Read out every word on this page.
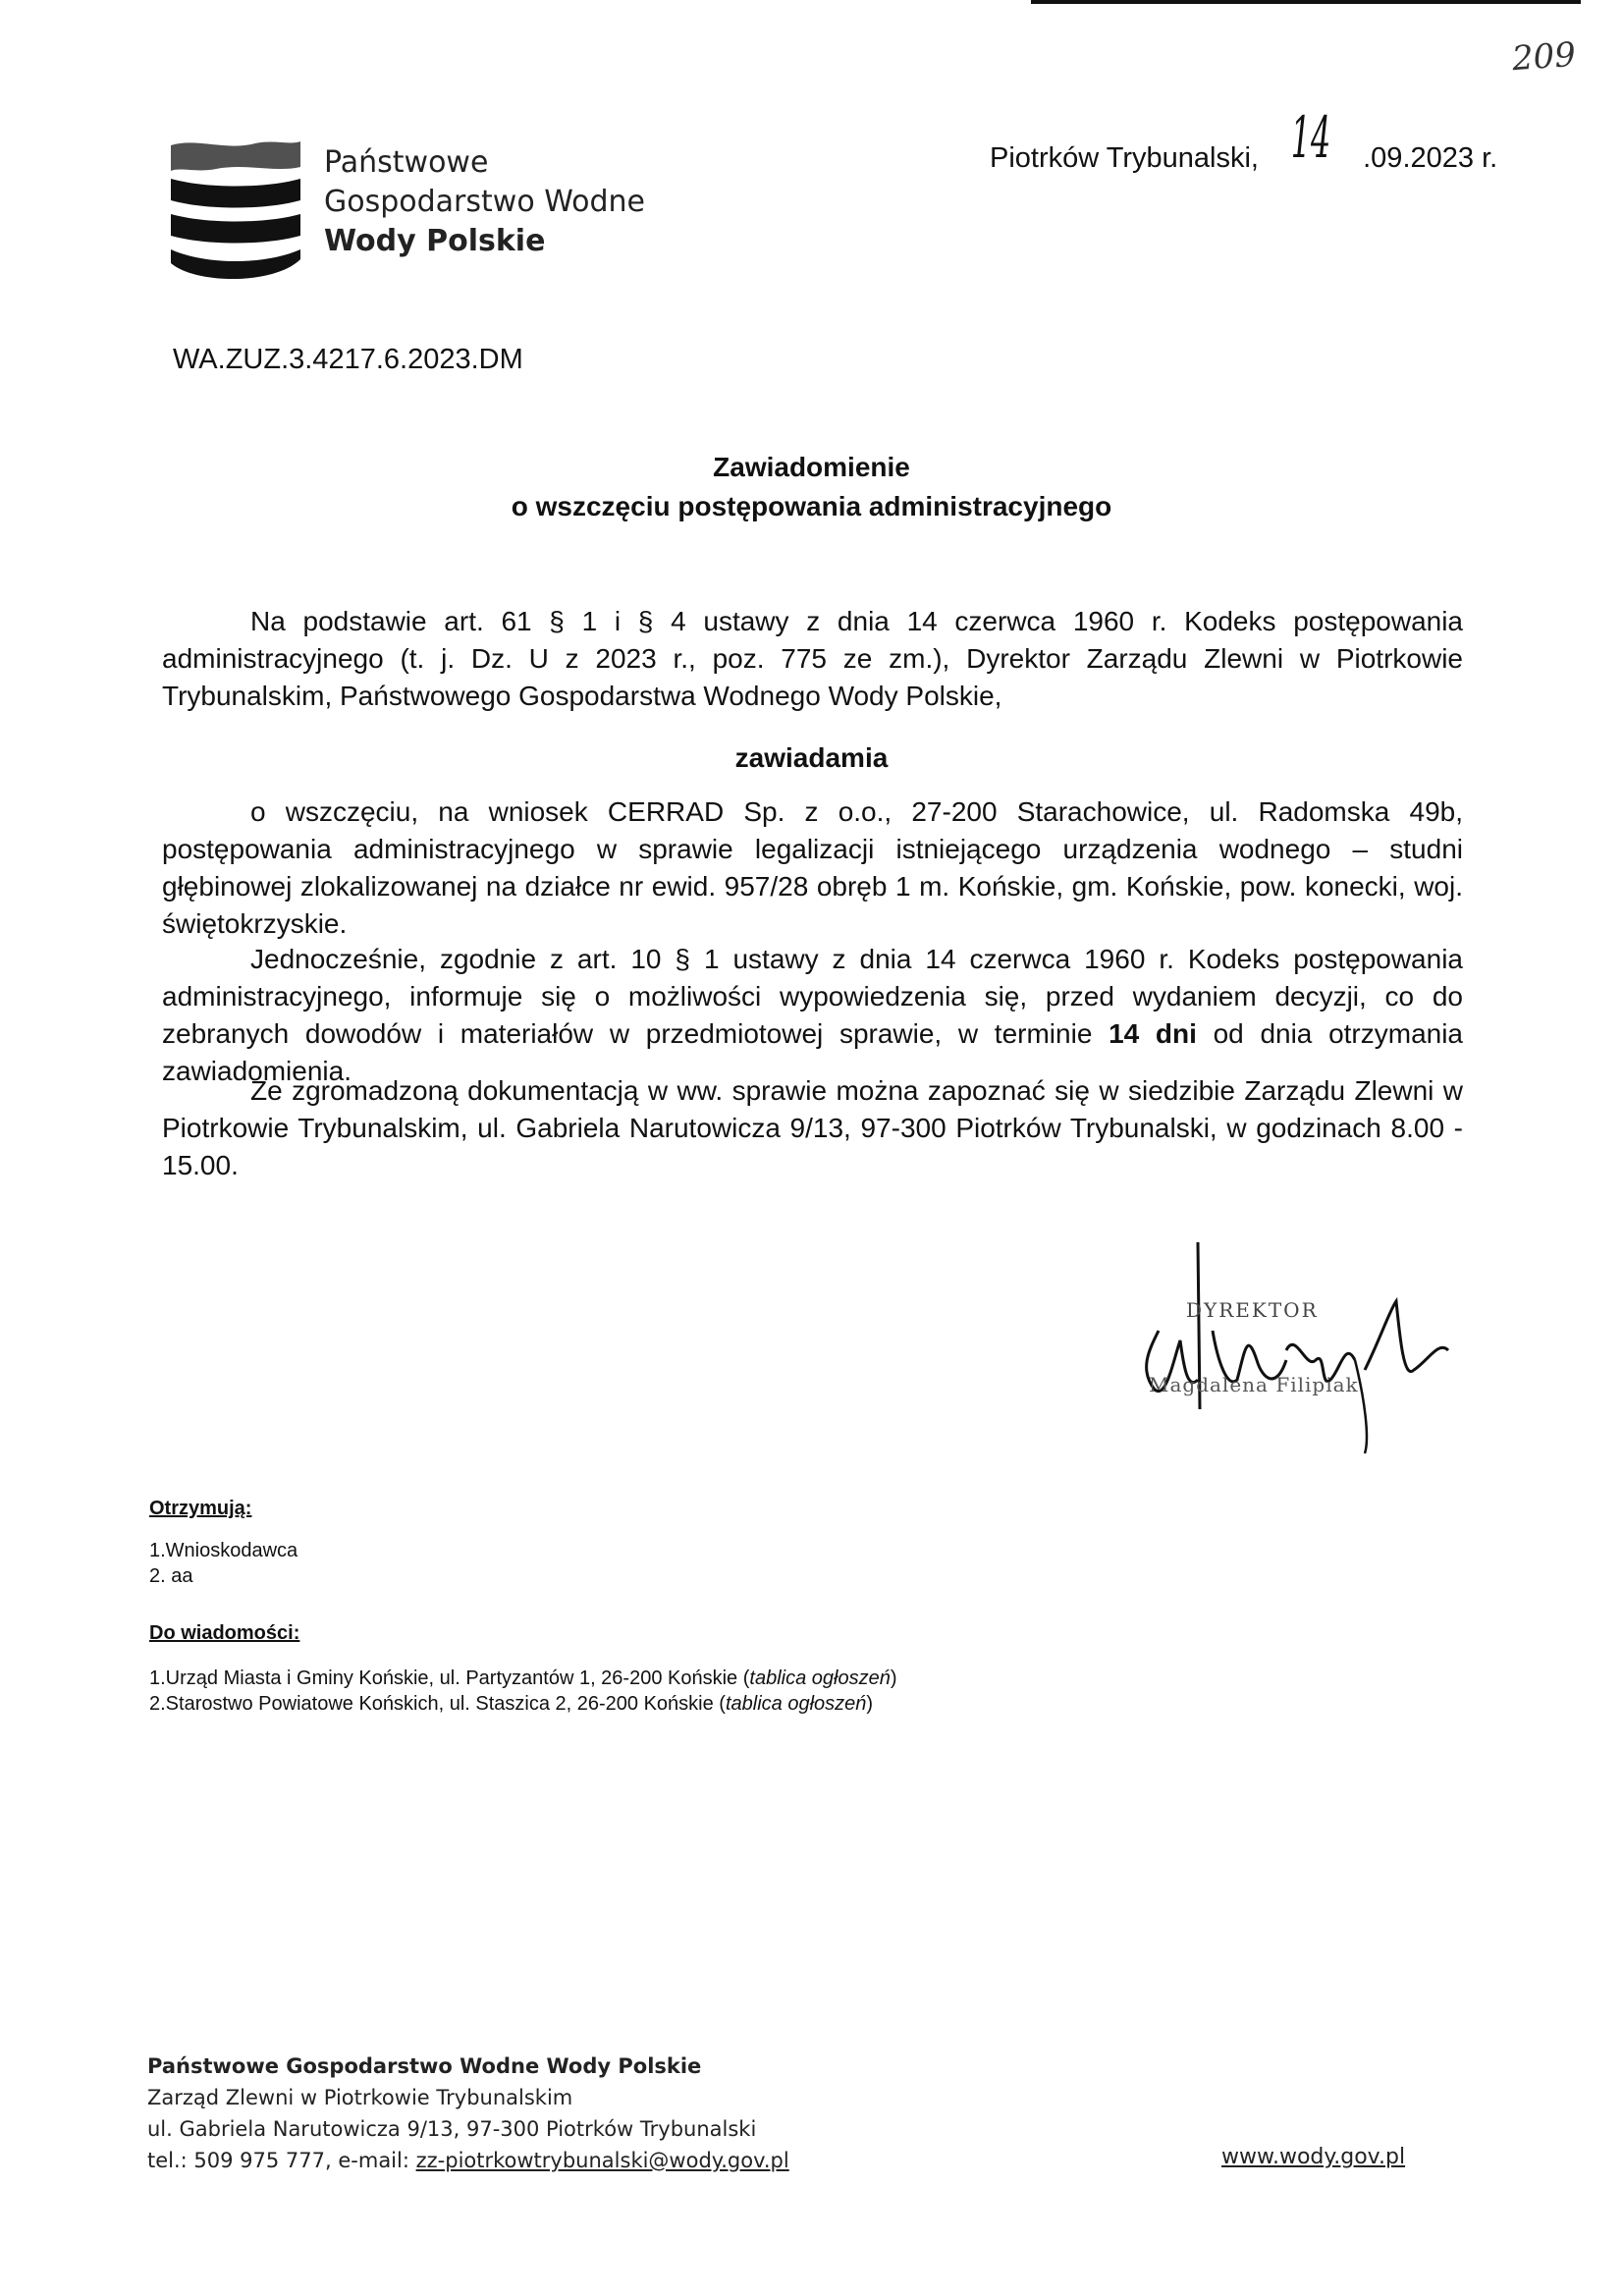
209
Państwowe
Gospodarstwo Wodne
Wody Polskie
Piotrków Trybunalski, 14 .09.2023 r.
WA.ZUZ.3.4217.6.2023.DM
Zawiadomienie
o wszczęciu postępowania administracyjnego
Na podstawie art. 61 § 1 i § 4 ustawy z dnia 14 czerwca 1960 r. Kodeks postępowania
administracyjnego (t. j. Dz. U z 2023 r., poz. 775 ze zm.), Dyrektor Zarządu Zlewni w Piotrkowie Trybunalskim, Państwowego Gospodarstwa Wodnego Wody Polskie,
zawiadamia
o wszczęciu, na wniosek CERRAD Sp. z o.o., 27-200 Starachowice, ul. Radomska 49b, postępowania administracyjnego w sprawie legalizacji istniejącego urządzenia wodnego – studni głębinowej zlokalizowanej na działce nr ewid. 957/28 obręb 1 m. Końskie, gm. Końskie, pow. konecki, woj. świętokrzyskie.
Jednocześnie, zgodnie z art. 10 § 1 ustawy z dnia 14 czerwca 1960 r. Kodeks postępowania administracyjnego, informuje się o możliwości wypowiedzenia się, przed wydaniem decyzji, co do zebranych dowodów i materiałów w przedmiotowej sprawie, w terminie 14 dni od dnia otrzymania zawiadomienia.
Ze zgromadzoną dokumentacją w ww. sprawie można zapoznać się w siedzibie Zarządu Zlewni w Piotrkowie Trybunalskim, ul. Gabriela Narutowicza 9/13, 97-300 Piotrków Trybunalski, w godzinach 8.00 - 15.00.
DYREKTOR
Magdalena Filipiak
Otrzymują:
1.Wnioskodawca
2. aa
Do wiadomości:
1.Urząd Miasta i Gminy Końskie, ul. Partyzantów 1, 26-200 Końskie (tablica ogłoszeń)
2.Starostwo Powiatowe Końskich, ul. Staszica 2, 26-200 Końskie (tablica ogłoszeń)
Państwowe Gospodarstwo Wodne Wody Polskie
Zarząd Zlewni w Piotrkowie Trybunalskim
ul. Gabriela Narutowicza 9/13, 97-300 Piotrków Trybunalski
tel.: 509 975 777, e-mail: zz-piotrkowtrybunalski@wody.gov.pl	www.wody.gov.pl
